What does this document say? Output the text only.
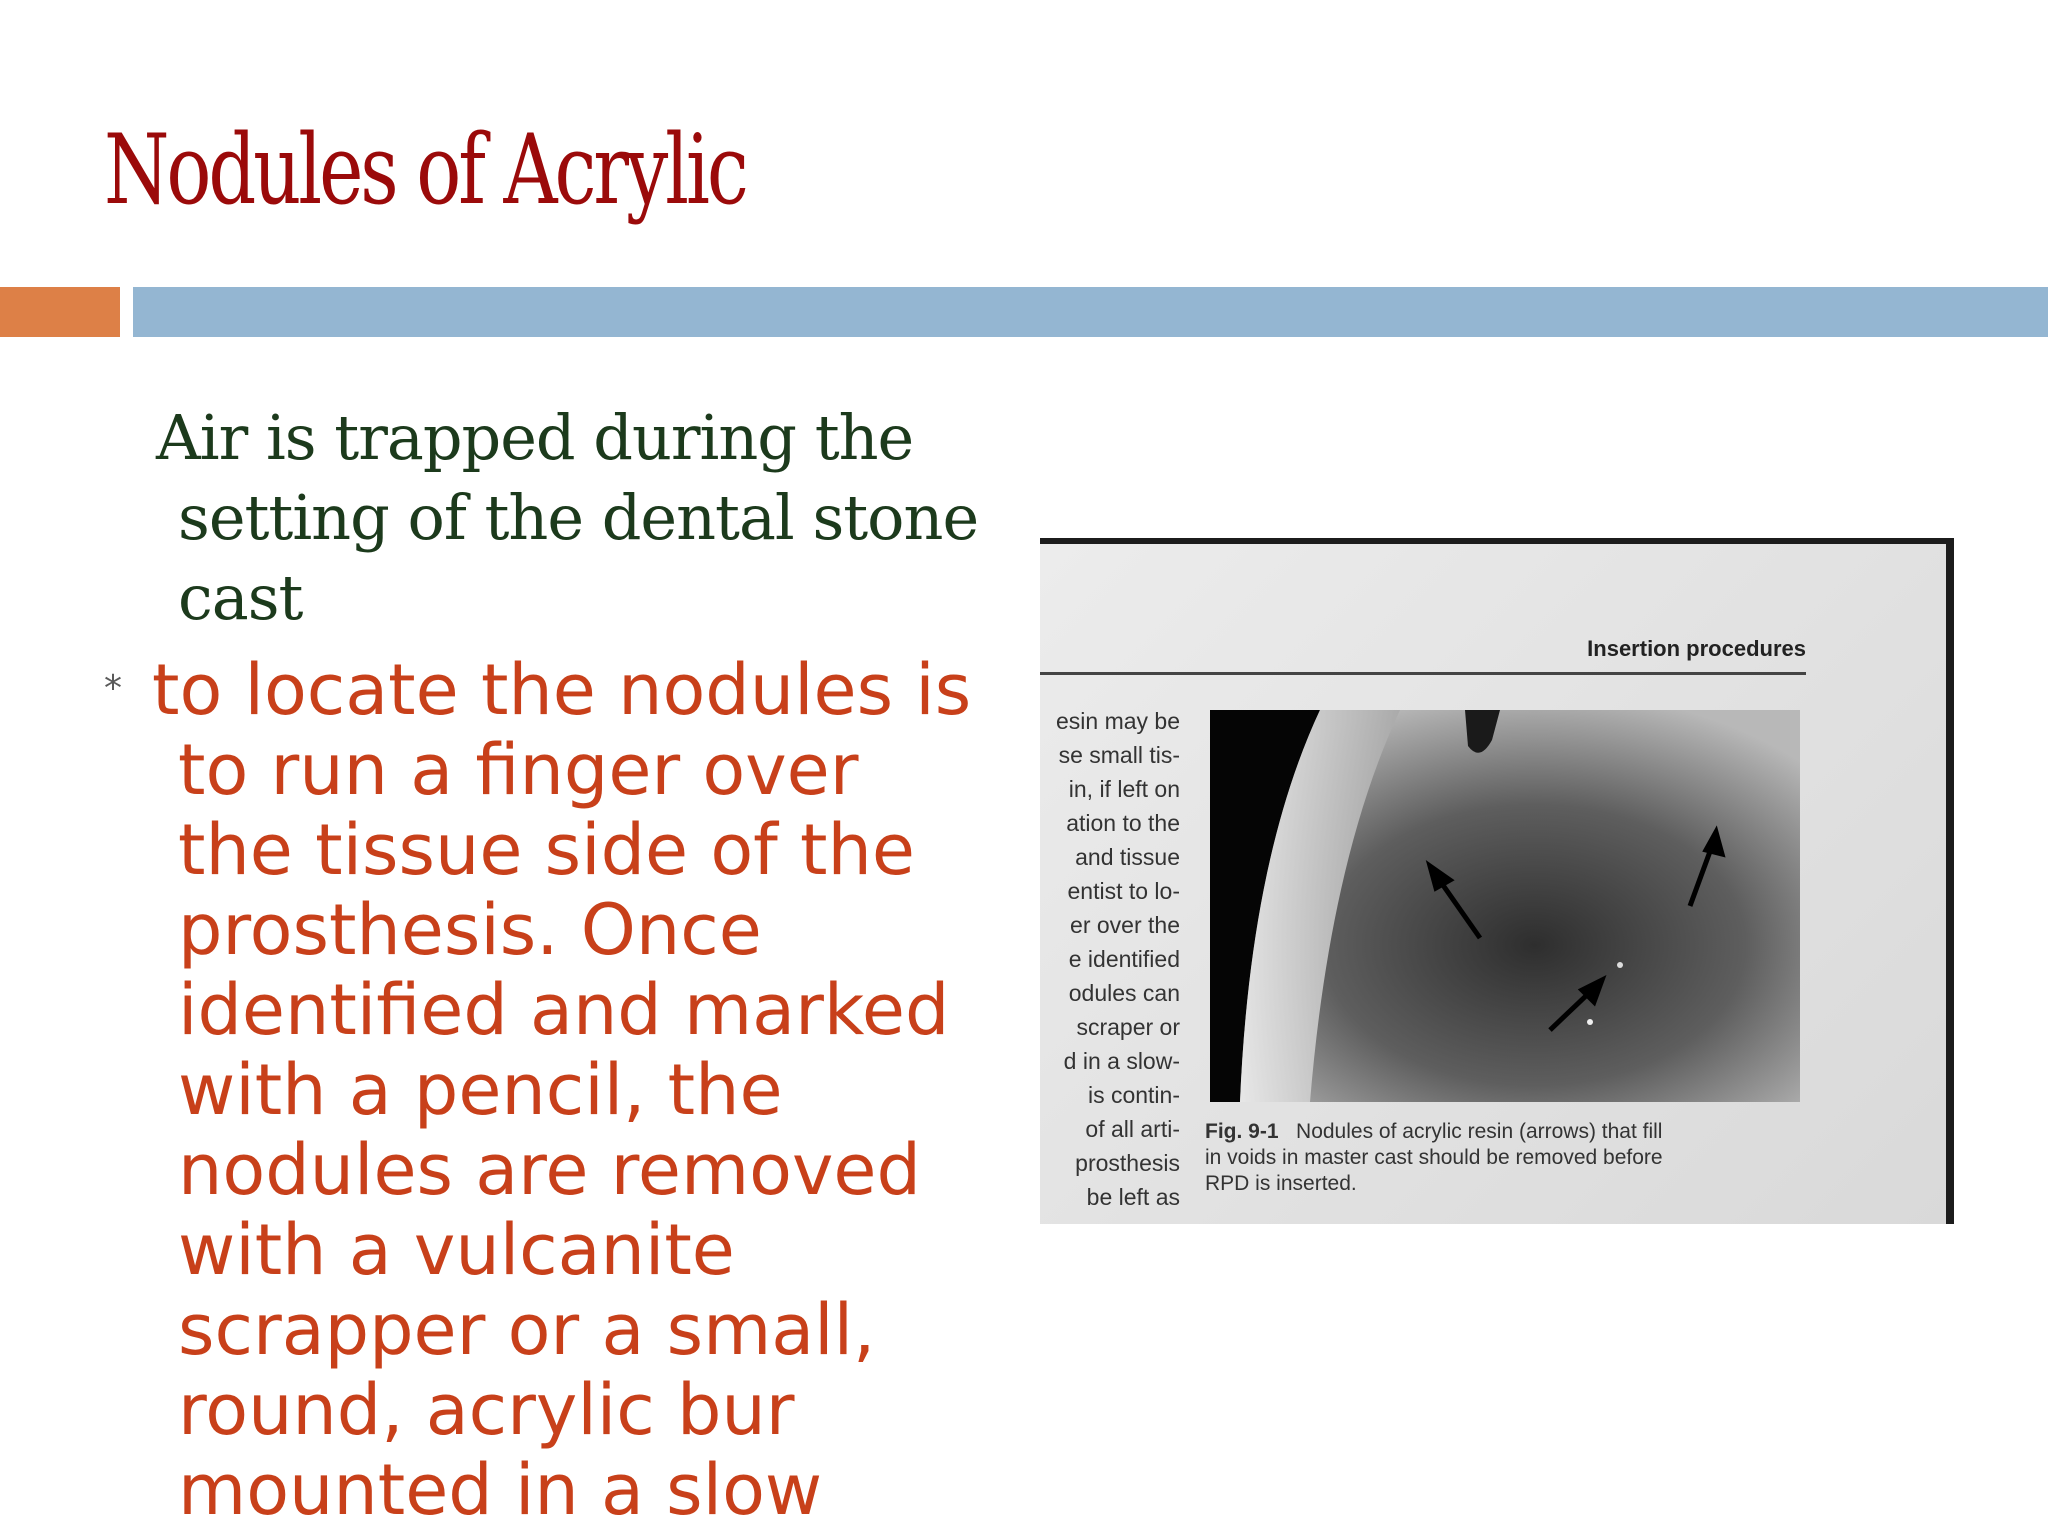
Nodules of Acrylic
Air is trapped during the
setting of the dental stone
cast
* to locate the nodules is
to run a finger over
the tissue side of the
prosthesis. Once
identified and marked
with a pencil, the
nodules are removed
with a vulcanite
scrapper or a small,
round, acrylic bur
mounted in a slow
Insertion procedures
esin may be
se small tis-
in, if left on
ation to the
and tissue
entist to lo-
er over the
e identified
odules can
scraper or
d in a slow-
is contin-
of all arti-
prosthesis
be left as
Fig. 9-1 Nodules of acrylic resin (arrows) that fill
in voids in master cast should be removed before
RPD is inserted.
